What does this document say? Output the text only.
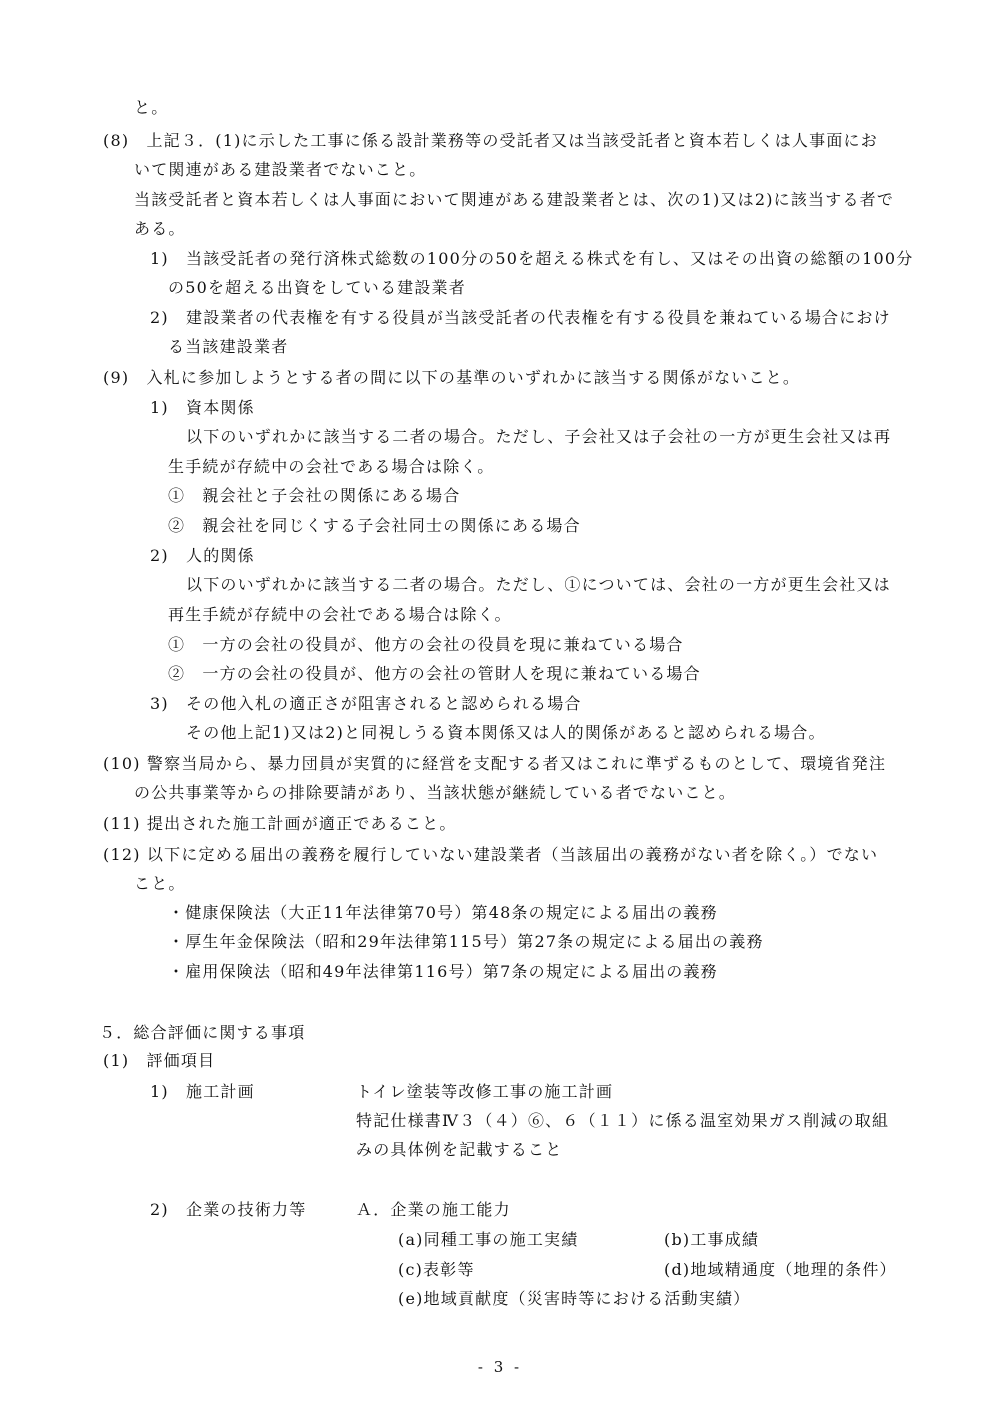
と。
(8)　上記３．(1)に示した工事に係る設計業務等の受託者又は当該受託者と資本若しくは人事面にお
いて関連がある建設業者でないこと。
当該受託者と資本若しくは人事面において関連がある建設業者とは、次の1)又は2)に該当する者で
ある。
1)　当該受託者の発行済株式総数の100分の50を超える株式を有し、又はその出資の総額の100分
の50を超える出資をしている建設業者
2)　建設業者の代表権を有する役員が当該受託者の代表権を有する役員を兼ねている場合におけ
る当該建設業者
(9)　入札に参加しようとする者の間に以下の基準のいずれかに該当する関係がないこと。
1)　資本関係
以下のいずれかに該当する二者の場合。ただし、子会社又は子会社の一方が更生会社又は再
生手続が存続中の会社である場合は除く。
①　親会社と子会社の関係にある場合
②　親会社を同じくする子会社同士の関係にある場合
2)　人的関係
以下のいずれかに該当する二者の場合。ただし、①については、会社の一方が更生会社又は
再生手続が存続中の会社である場合は除く。
①　一方の会社の役員が、他方の会社の役員を現に兼ねている場合
②　一方の会社の役員が、他方の会社の管財人を現に兼ねている場合
3)　その他入札の適正さが阻害されると認められる場合
その他上記1)又は2)と同視しうる資本関係又は人的関係があると認められる場合。
(10) 警察当局から、暴力団員が実質的に経営を支配する者又はこれに準ずるものとして、環境省発注
の公共事業等からの排除要請があり、当該状態が継続している者でないこと。
(11) 提出された施工計画が適正であること。
(12) 以下に定める届出の義務を履行していない建設業者（当該届出の義務がない者を除く。）でない
こと。
・健康保険法（大正11年法律第70号）第48条の規定による届出の義務
・厚生年金保険法（昭和29年法律第115号）第27条の規定による届出の義務
・雇用保険法（昭和49年法律第116号）第7条の規定による届出の義務
５．総合評価に関する事項
(1)　評価項目
1)　施工計画	トイレ塗装等改修工事の施工計画
特記仕様書Ⅳ３（４）⑥、６（１１）に係る温室効果ガス削減の取組
みの具体例を記載すること
2)　企業の技術力等	Ａ．企業の施工能力
(a)同種工事の施工実績	(b)工事成績
(c)表彰等	(d)地域精通度（地理的条件）
(e)地域貢献度（災害時等における活動実績）
- 3 -
